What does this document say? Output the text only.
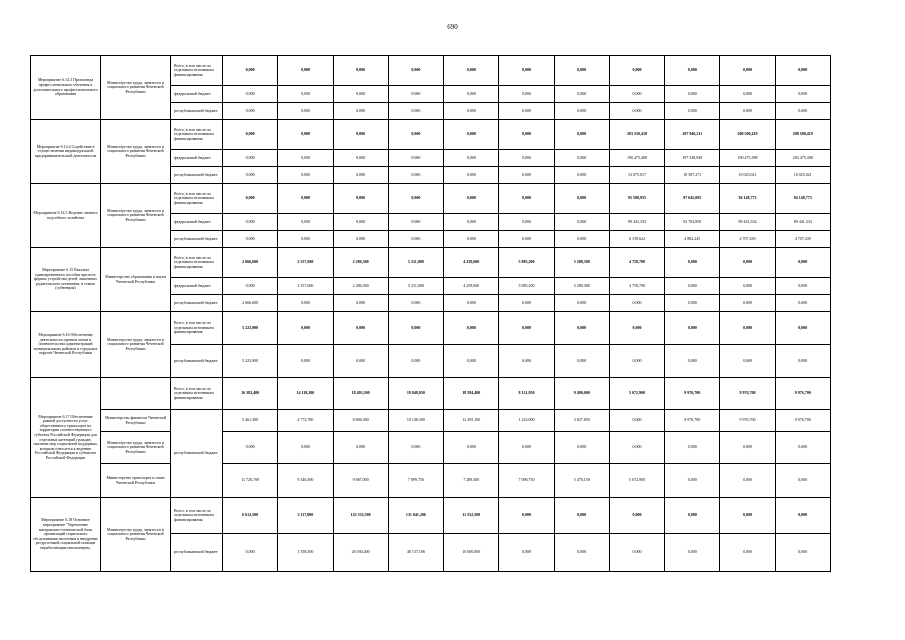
690
Мероприятие 6.14.3 Пропаганда профессионального обучения и дополнительного профессионального образования	Министерство труда, занятости и социального развития Чеченской Республики	Всего, в том числе по отдельным источникам финансирования	0,000	0,000	0,000	0,000	0,000	0,000	0,000	0,000	0,000	0,000	0,000
		федеральный бюджет	0,000	0,000	0,000	0,000	0,000	0,000	0,000	0,000	0,000	0,000	0,000
		республиканский бюджет	0,000	0,000	0,000	0,000	0,000	0,000	0,000	0,000	0,000	0,000	0,000
Мероприятие 6.14.4 Содействие в осуществлении индивидуальной предпринимательской деятельности	Министерство труда, занятости и социального развития Чеченской Республики	Всего, в том числе по отдельным источникам финансирования	0,000	0,000	0,000	0,000	0,000	0,000	0,000	203 550,418	207 946,211	200 500,419	208 500,419
		федеральный бюджет	0,000	0,000	0,000	0,000	0,000	0,000	0,000	190 475,400	197 548,940	190 475,398	203 475,398
		республиканский бюджет	0,000	0,000	0,000	0,000	0,000	0,000	0,000	13 075,017	10 397,271	10 025,021	10 025,021
Мероприятие 6.14.5 Ведение личного подсобного хозяйства	Министерство труда, занятости и социального развития Чеченской Республики	Всего, в том числе по отдельным источникам финансирования	0,000	0,000	0,000	0,000	0,000	0,000	0,000	95 580,955	97 645,095	94 148,773	94 148,773
		федеральный бюджет	0,000	0,000	0,000	0,000	0,000	0,000	0,000	89 441,333	92 763,850	89 441,334	89 441,334
		республиканский бюджет	0,000	0,000	0,000	0,000	0,000	0,000	0,000	6 139,622	4 882,245	4 707,439	4 707,439
Мероприятие 6.15 Выплата единовременного пособия при всех формах устройства детей, лишенных родительского попечения, в семью (субвенция)	Министерство образования и науки Чеченской Республики	Всего, в том числе по отдельным источникам финансирования	2 666,600	2 557,600	2 286,300	5 211,000	4 259,600	5 085,200	5 280,300	4 758,700	0,000	0,000	0,000
		федеральный бюджет	0,000	2 557,600	2 286,300	5 211,000	4 259,600	5 085,200	5 280,300	4 758,700	0,000	0,000	0,000
		республиканский бюджет	2 666,600	0,000	0,000	0,000	0,000	0,000	0,000	0,000	0,000	0,000	0,000
Мероприятие 6.16 Обеспечение деятельности органов опеки и попечительства администраций муниципальных районов и городских округов Чеченской Республики	Министерство труда, занятости и социального развития Чеченской Республики	Всего, в том числе по отдельным источникам финансирования	5 223,900	0,000	0,000	0,000	0,000	0,000	0,000	0,000	0,000	0,000	0,000
		республиканский бюджет	5 223,900	0,000	0,000	0,000	0,000	0,000	0,000	0,000	0,000	0,000	0,000
Мероприятие 6.17 Обеспечение равной доступности услуг общественного транспорта на территории соответствующего субъекта Российской Федерации для отдельных категорий граждан, оказание мер социальной поддержки, которым относится к ведению Российской Федерации и субъектов Российской Федерации		Всего, в том числе по отдельным источникам финансирования	16 382,400	14 119,200	18 493,300	18 048,050	18 584,400	8 121,950	9 490,000	5 672,900	9 976,700	9 976,700	9 976,700
	Министерство финансов Чеченской Республики	республиканский бюджет	5 461,300	4 772,700	8 806,300	10 148,300	12 295,100	1 223,000	3 827,850	0,000	9 976,700	9 976,700	9 976,700
	Министерство труда, занятости и социального развития Чеченской Республики		0,000	0,000	0,000	0,000	0,000	0,000	0,000	0,000	0,000	0,000	0,000
	Министерство транспорта и связи Чеченской Республики		11 720,700	9 346,500	9 687,000	7 899,750	7 289,300	7 098,750	5 470,150	5 672,900	0,000	0,000	0,000
Мероприятие 6.18 Основное мероприятие "Укрепление материально-технической базы организаций социального обслуживания населения и внедрение ресурсоемкой социальной помощи неработающим пенсионерам,	Министерство труда, занятости и социального развития Чеченской Республики	Всего, в том числе по отдельным источникам финансирования	6 612,500	3 117,000	125 532,500	131 041,206	11 552,500	0,000	0,000	0,000	0,000	0,000	0,000
		республиканский бюджет	0,000	1 558,500	26 030,400	48 137,106	10 000,000	0,000	0,000	0,000	0,000	0,000	0,000
